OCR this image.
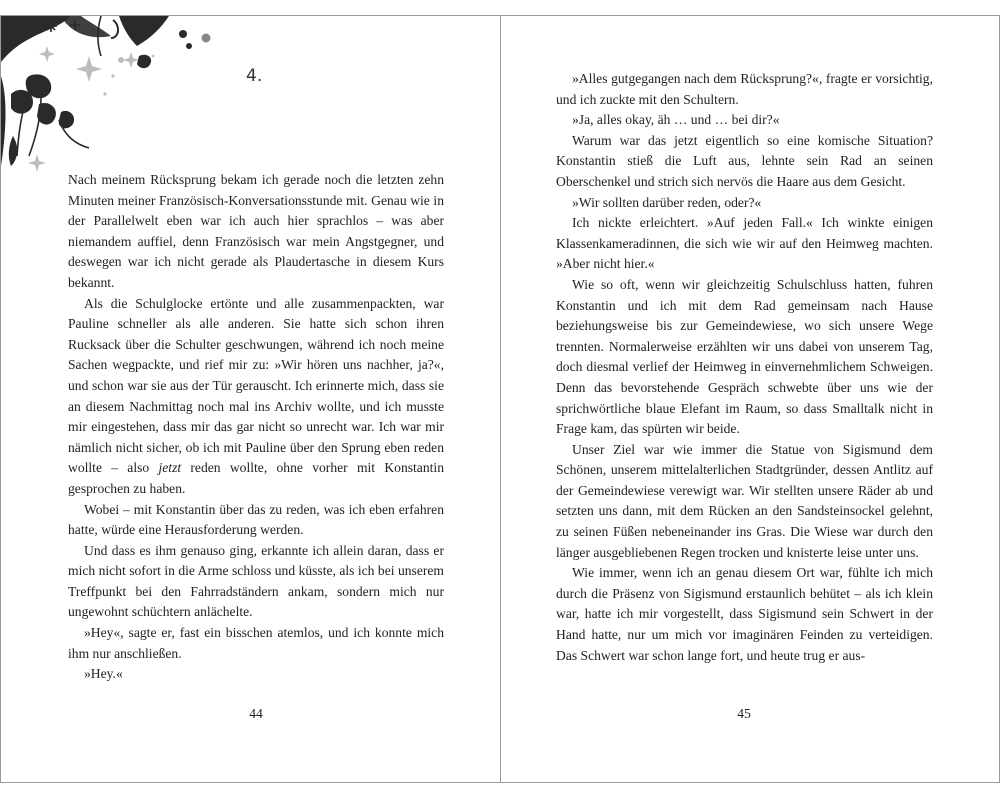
4.

Nach meinem Rücksprung bekam ich gerade noch die letzten zehn Minuten meiner Französisch-Konversationsstunde mit. Genau wie in der Parallelwelt eben war ich auch hier sprachlos – was aber niemandem auffiel, denn Französisch war mein Angstgegner, und deswegen war ich nicht gerade als Plaudertasche in diesem Kurs bekannt.

Als die Schulglocke ertönte und alle zusammenpackten, war Pauline schneller als alle anderen. Sie hatte sich schon ihren Rucksack über die Schulter geschwungen, während ich noch meine Sachen wegpackte, und rief mir zu: »Wir hören uns nachher, ja?«, und schon war sie aus der Tür gerauscht. Ich erinnerte mich, dass sie an diesem Nachmittag noch mal ins Archiv wollte, und ich musste mir eingestehen, dass mir das gar nicht so unrecht war. Ich war mir nämlich nicht sicher, ob ich mit Pauline über den Sprung eben reden wollte – also jetzt reden wollte, ohne vorher mit Konstantin gesprochen zu haben.

Wobei – mit Konstantin über das zu reden, was ich eben erfahren hatte, würde eine Herausforderung werden.

Und dass es ihm genauso ging, erkannte ich allein daran, dass er mich nicht sofort in die Arme schloss und küsste, als ich bei unserem Treffpunkt bei den Fahrradständern ankam, sondern mich nur ungewohnt schüchtern anlächelte.

»Hey«, sagte er, fast ein bisschen atemlos, und ich konnte mich ihm nur anschließen.

»Hey.«

44

»Alles gutgegangen nach dem Rücksprung?«, fragte er vorsichtig, und ich zuckte mit den Schultern.

»Ja, alles okay, äh … und … bei dir?«

Warum war das jetzt eigentlich so eine komische Situation? Konstantin stieß die Luft aus, lehnte sein Rad an seinen Oberschenkel und strich sich nervös die Haare aus dem Gesicht.

»Wir sollten darüber reden, oder?«

Ich nickte erleichtert. »Auf jeden Fall.« Ich winkte einigen Klassenkameradinnen, die sich wie wir auf den Heimweg machten. »Aber nicht hier.«

Wie so oft, wenn wir gleichzeitig Schulschluss hatten, fuhren Konstantin und ich mit dem Rad gemeinsam nach Hause beziehungsweise bis zur Gemeindewiese, wo sich unsere Wege trennten. Normalerweise erzählten wir uns dabei von unserem Tag, doch diesmal verlief der Heimweg in einvernehmlichem Schweigen. Denn das bevorstehende Gespräch schwebte über uns wie der sprichwörtliche blaue Elefant im Raum, so dass Smalltalk nicht in Frage kam, das spürten wir beide.

Unser Ziel war wie immer die Statue von Sigismund dem Schönen, unserem mittelalterlichen Stadtgründer, dessen Antlitz auf der Gemeindewiese verewigt war. Wir stellten unsere Räder ab und setzten uns dann, mit dem Rücken an den Sandsteinsockel gelehnt, zu seinen Füßen nebeneinander ins Gras. Die Wiese war durch den länger ausgebliebenen Regen trocken und knisterte leise unter uns.

Wie immer, wenn ich an genau diesem Ort war, fühlte ich mich durch die Präsenz von Sigismund erstaunlich behütet – als ich klein war, hatte ich mir vorgestellt, dass Sigismund sein Schwert in der Hand hatte, nur um mich vor imaginären Feinden zu verteidigen. Das Schwert war schon lange fort, und heute trug er aus-

45
